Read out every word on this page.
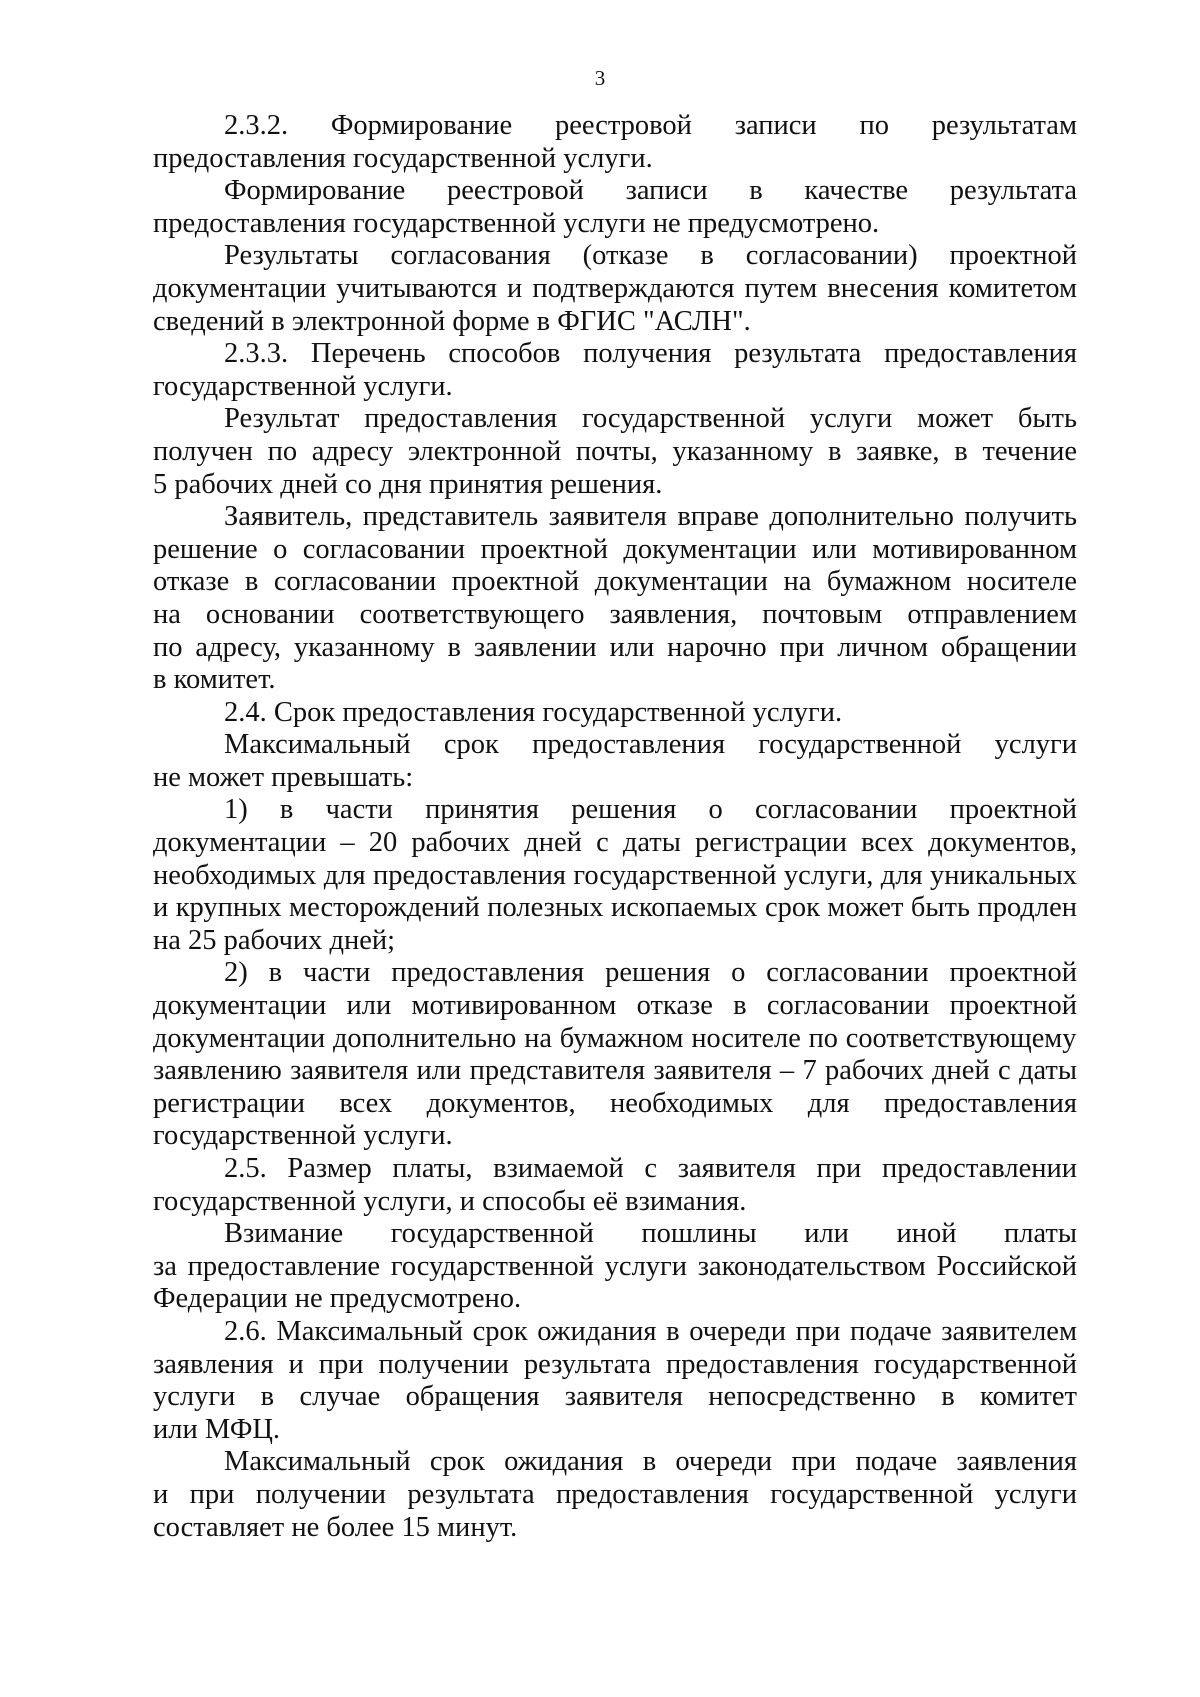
3
2.3.2. Формирование реестровой записи по результатам
предоставления государственной услуги.
Формирование реестровой записи в качестве результата
предоставления государственной услуги не предусмотрено.
Результаты согласования (отказе в согласовании) проектной
документации учитываются и подтверждаются путем внесения комитетом
сведений в электронной форме в ФГИС "АСЛН".
2.3.3. Перечень способов получения результата предоставления
государственной услуги.
Результат предоставления государственной услуги может быть
получен по адресу электронной почты, указанному в заявке, в течение
5 рабочих дней со дня принятия решения.
Заявитель, представитель заявителя вправе дополнительно получить
решение о согласовании проектной документации или мотивированном
отказе в согласовании проектной документации на бумажном носителе
на основании соответствующего заявления, почтовым отправлением
по адресу, указанному в заявлении или нарочно при личном обращении
в комитет.
2.4. Срок предоставления государственной услуги.
Максимальный срок предоставления государственной услуги
не может превышать:
1) в части принятия решения о согласовании проектной
документации – 20 рабочих дней с даты регистрации всех документов,
необходимых для предоставления государственной услуги, для уникальных
и крупных месторождений полезных ископаемых срок может быть продлен
на 25 рабочих дней;
2) в части предоставления решения о согласовании проектной
документации или мотивированном отказе в согласовании проектной
документации дополнительно на бумажном носителе по соответствующему
заявлению заявителя или представителя заявителя – 7 рабочих дней с даты
регистрации всех документов, необходимых для предоставления
государственной услуги.
2.5. Размер платы, взимаемой с заявителя при предоставлении
государственной услуги, и способы её взимания.
Взимание государственной пошлины или иной платы
за предоставление государственной услуги законодательством Российской
Федерации не предусмотрено.
2.6. Максимальный срок ожидания в очереди при подаче заявителем
заявления и при получении результата предоставления государственной
услуги в случае обращения заявителя непосредственно в комитет
или МФЦ.
Максимальный срок ожидания в очереди при подаче заявления
и при получении результата предоставления государственной услуги
составляет не более 15 минут.
